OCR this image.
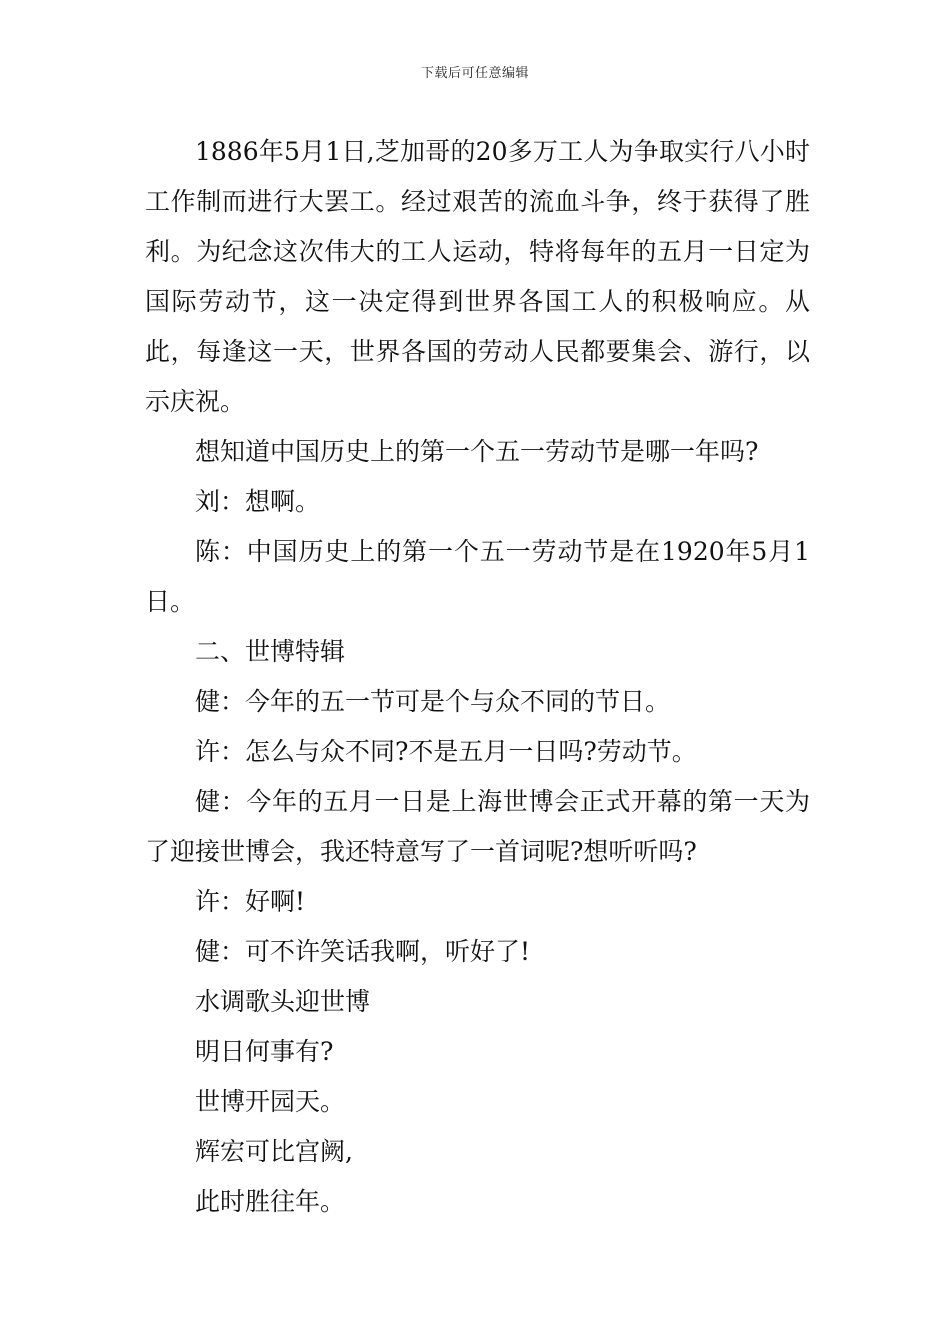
下载后可任意编辑

1886年5月1日,芝加哥的20多万工人为争取实行八小时工作制而进行大罢工。经过艰苦的流血斗争，终于获得了胜利。为纪念这次伟大的工人运动，特将每年的五月一日定为国际劳动节，这一决定得到世界各国工人的积极响应。从此，每逢这一天，世界各国的劳动人民都要集会、游行，以示庆祝。

想知道中国历史上的第一个五一劳动节是哪一年吗?

刘：想啊。

陈：中国历史上的第一个五一劳动节是在1920年5月1日。

二、世博特辑

健：今年的五一节可是个与众不同的节日。

许：怎么与众不同?不是五月一日吗?劳动节。

健：今年的五月一日是上海世博会正式开幕的第一天为了迎接世博会，我还特意写了一首词呢?想听听吗?

许：好啊!

健：可不许笑话我啊，听好了!

水调歌头迎世博

明日何事有?

世博开园天。

辉宏可比宫阙,

此时胜往年。
